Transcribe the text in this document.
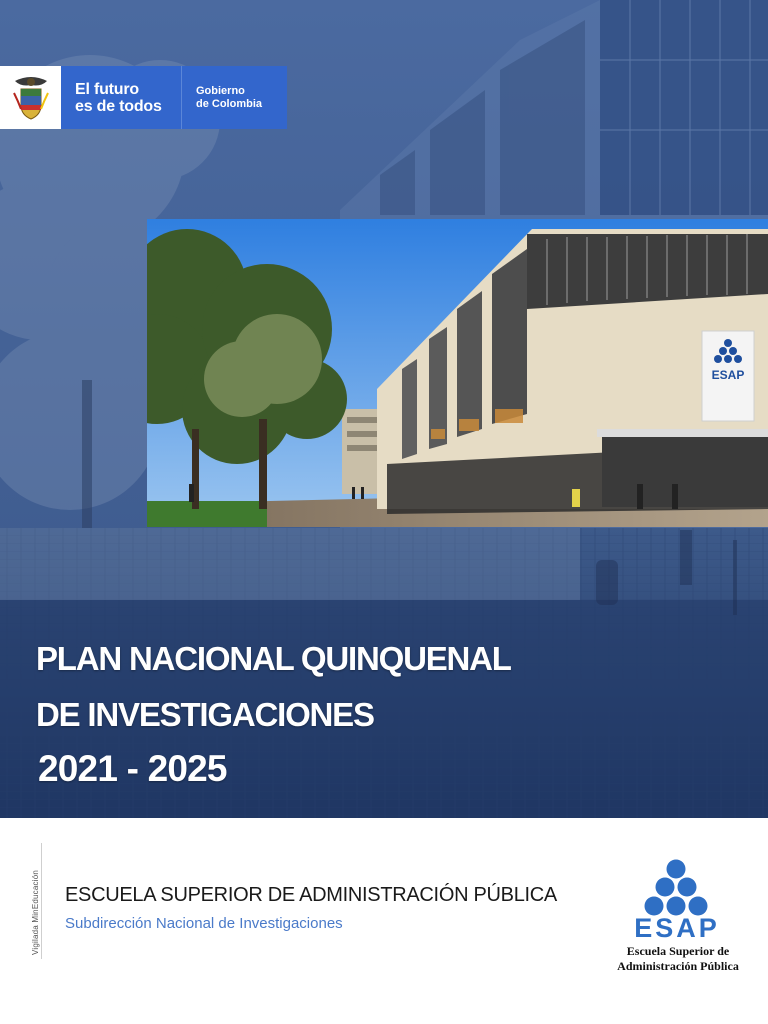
El futuro
es de todos
Gobierno
de Colombia
ESAP
PLAN NACIONAL QUINQUENAL
DE INVESTIGACIONES
2021 - 2025
Vigilada MinEducación ESCUELA SUPERIOR DE ADMINISTRACIÓN PÚBLICA
Subdirección Nacional de Investigaciones	ESAP
Escuela Superior de
Administración Pública
